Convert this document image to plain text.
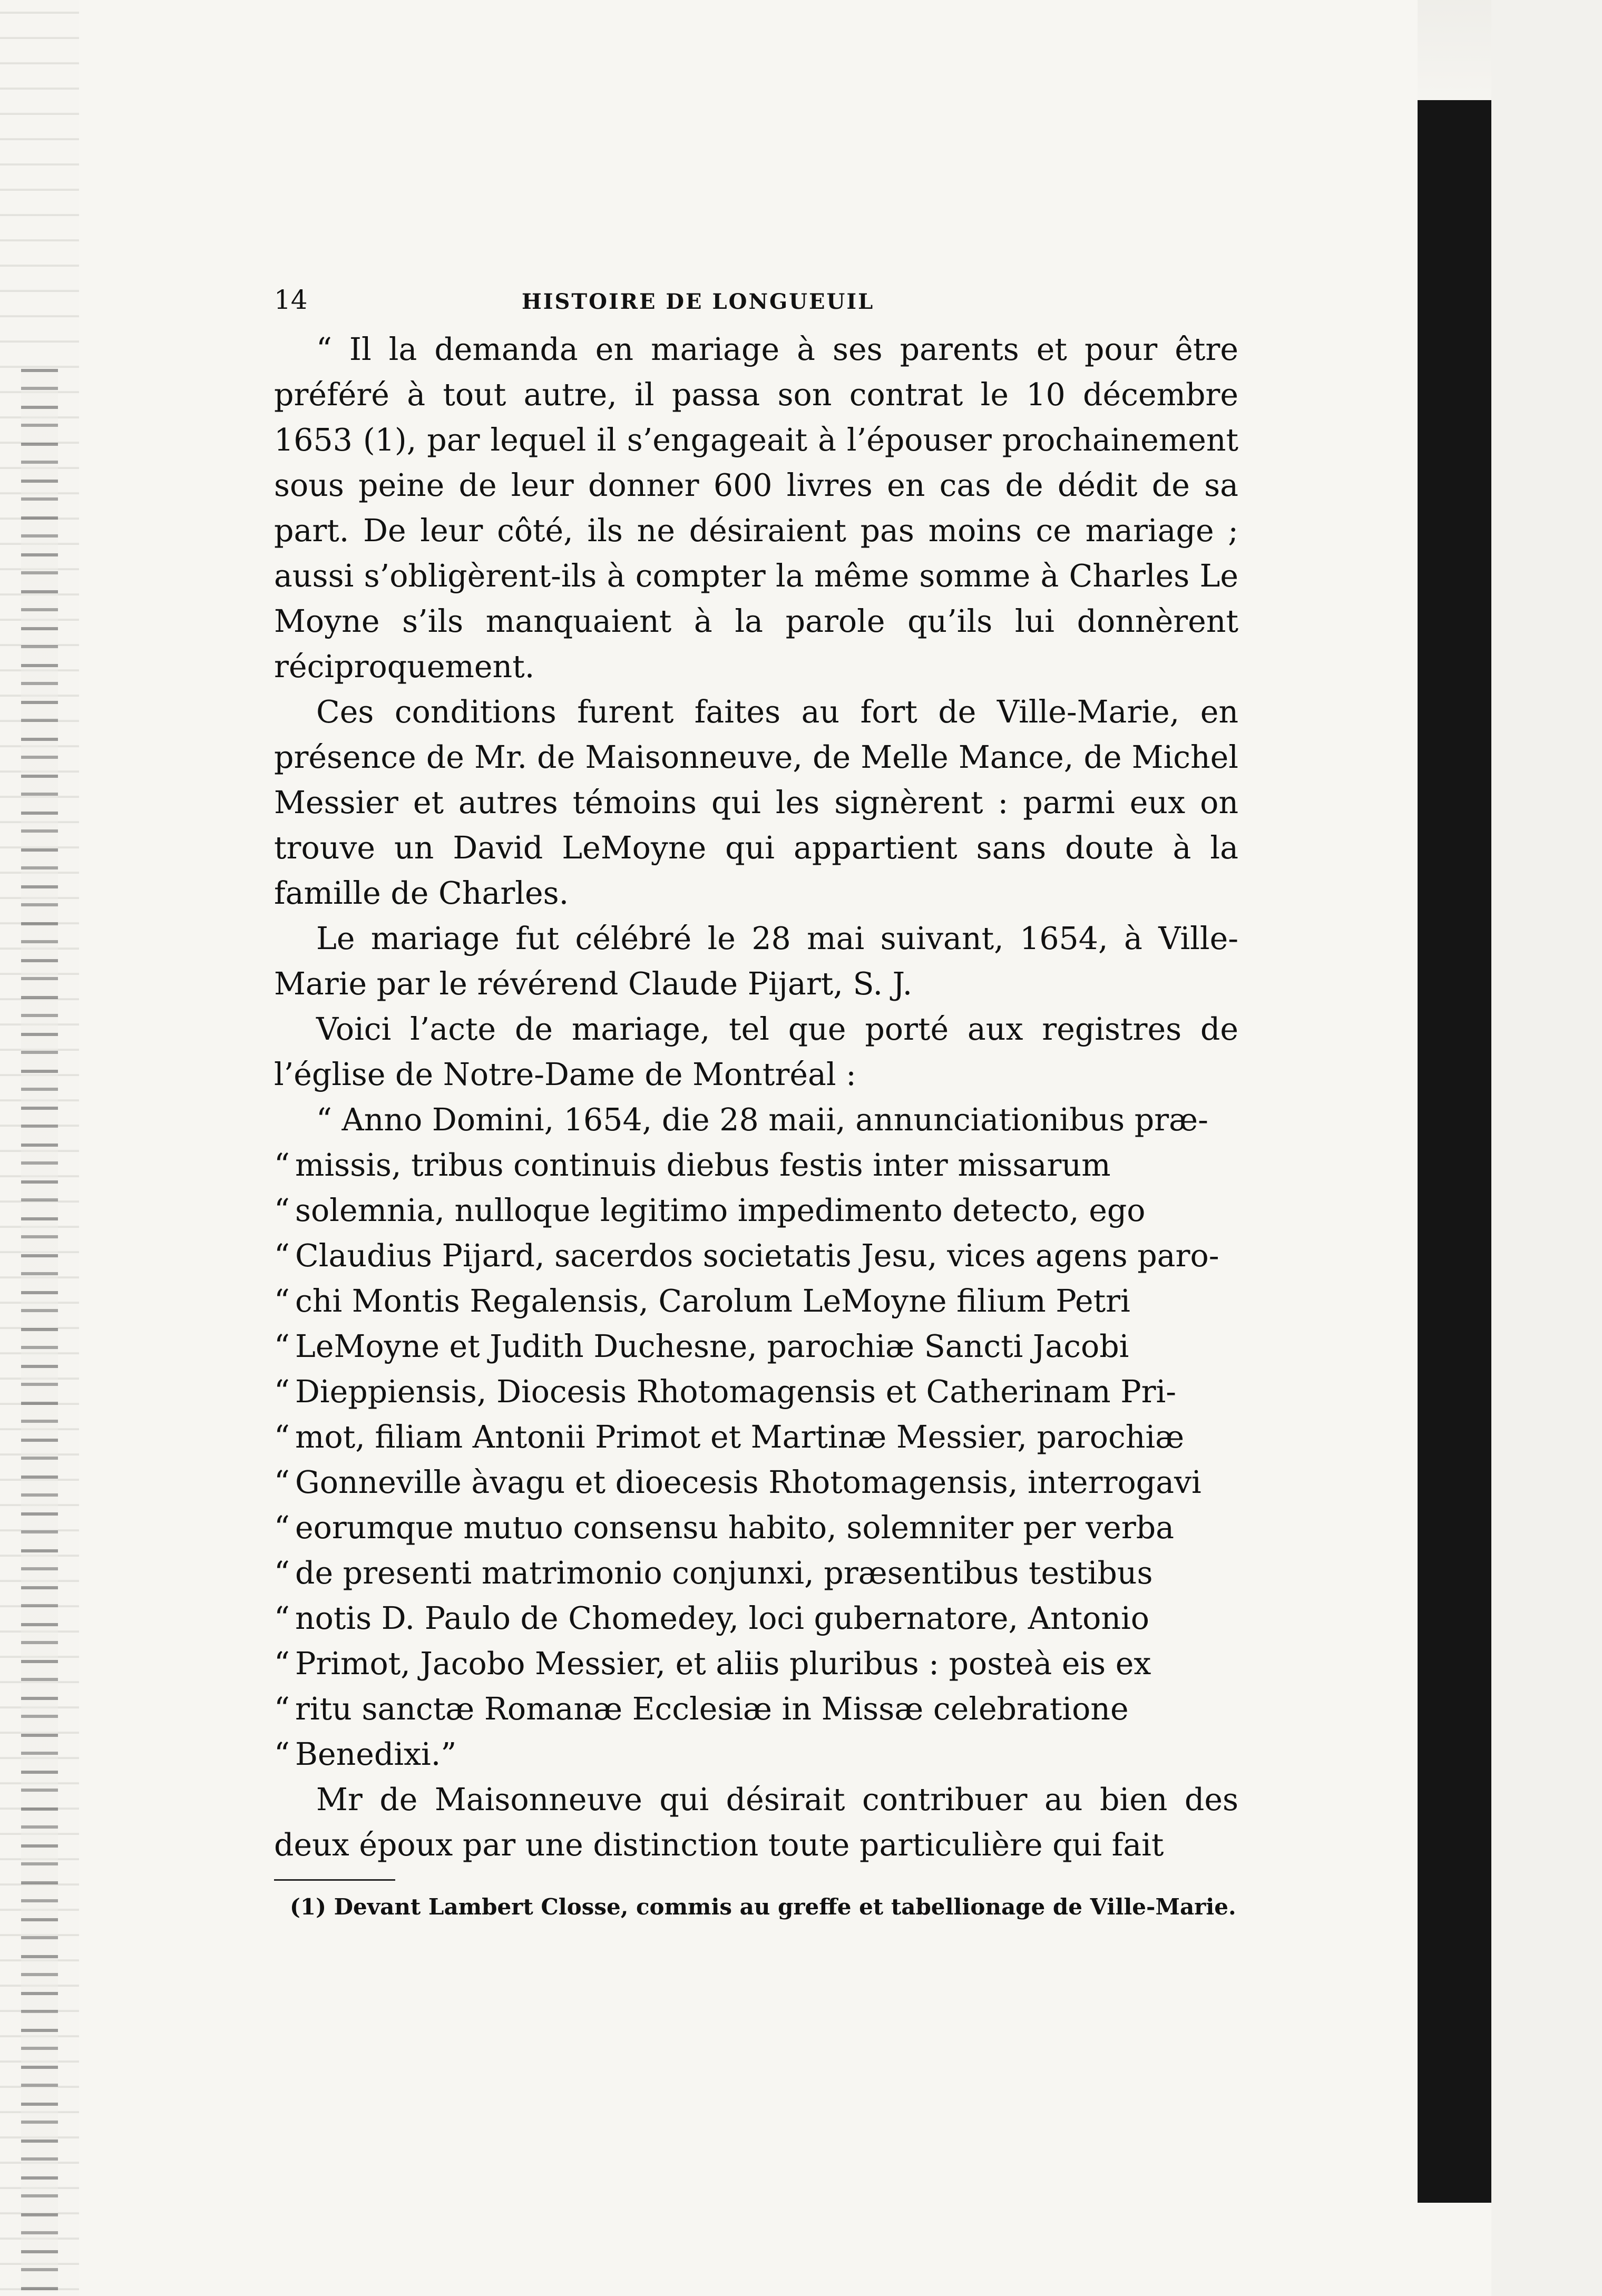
14	HISTOIRE DE LONGUEUIL

“ Il la demanda en mariage à ses parents et pour être préféré à tout autre, il passa son contrat le 10 décembre 1653 (1), par lequel il s’engageait à l’épouser prochainement sous peine de leur donner 600 livres en cas de dédit de sa part. De leur côté, ils ne désiraient pas moins ce mariage ; aussi s’obligèrent-ils à compter la même somme à Charles Le Moyne s’ils manquaient à la parole qu’ils lui donnèrent réciproquement.

Ces conditions furent faites au fort de Ville-Marie, en présence de Mr. de Maisonneuve, de Melle Mance, de Michel Messier et autres témoins qui les signèrent : parmi eux on trouve un David LeMoyne qui appartient sans doute à la famille de Charles.

Le mariage fut célébré le 28 mai suivant, 1654, à Ville-Marie par le révérend Claude Pijart, S. J.

Voici l’acte de mariage, tel que porté aux registres de l’église de Notre-Dame de Montréal :

“ Anno Domini, 1654, die 28 maii, annunciationibus præ-

“ missis, tribus continuis diebus festis inter missarum

“ solemnia, nulloque legitimo impedimento detecto, ego

“ Claudius Pijard, sacerdos societatis Jesu, vices agens paro-

“ chi Montis Regalensis, Carolum LeMoyne filium Petri

“ LeMoyne et Judith Duchesne, parochiæ Sancti Jacobi

“ Dieppiensis, Diocesis Rhotomagensis et Catherinam Pri-

“ mot, filiam Antonii Primot et Martinæ Messier, parochiæ

“ Gonneville àvagu et dioecesis Rhotomagensis, interrogavi

“ eorumque mutuo consensu habito, solemniter per verba

“ de presenti matrimonio conjunxi, præsentibus testibus

“ notis D. Paulo de Chomedey, loci gubernatore, Antonio

“ Primot, Jacobo Messier, et aliis pluribus : posteà eis ex

“ ritu sanctæ Romanæ Ecclesiæ in Missæ celebratione

“ Benedixi.”

Mr de Maisonneuve qui désirait contribuer au bien des deux époux par une distinction toute particulière qui fait

(1) Devant Lambert Closse, commis au greffe et tabellionage de Ville-Marie.
